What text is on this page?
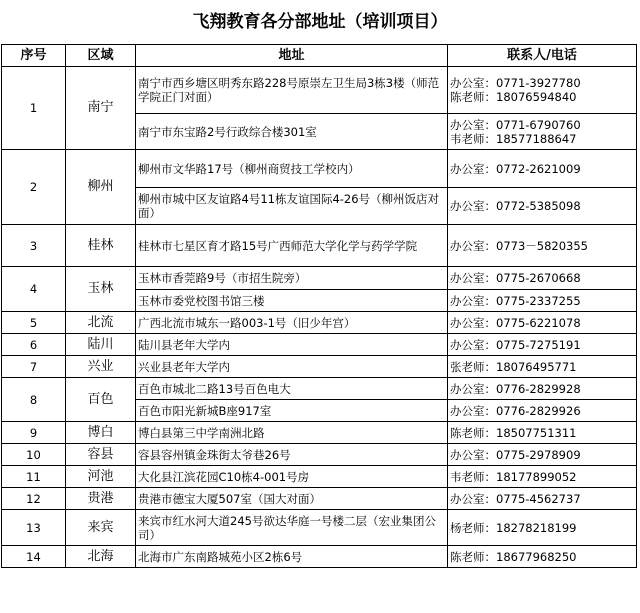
飞翔教育各分部地址（培训项目）
序号	区域	地址	联系人/电话
1	南宁	南宁市西乡塘区明秀东路228号原崇左卫生局3栋3楼（师范学院正门对面）	办公室：0771-3927780
陈老师：18076594840

		南宁市东宝路2号行政综合楼301室	办公室：0771-6790760
韦老师：18577188647

2	柳州	柳州市文华路17号（柳州商贸技工学校内）	办公室：0772-2621009

		柳州市城中区友谊路4号11栋友谊国际4-26号（柳州饭店对面）	办公室：0772-5385098

3	桂林	桂林市七星区育才路15号广西师范大学化学与药学学院	办公室：0773－5820355

4	玉林	玉林市香莞路9号（市招生院旁）	办公室：0775-2670668

		玉林市委党校图书馆三楼	办公室：0775-2337255

5	北流	广西北流市城东一路003-1号（旧少年宫）	办公室：0775-6221078

6	陆川	陆川县老年大学内	办公室：0775-7275191

7	兴业	兴业县老年大学内	张老师：18076495771

8	百色	百色市城北二路13号百色电大	办公室：0776-2829928

		百色市阳光新城B座917室	办公室：0776-2829926

9	博白	博白县第三中学南洲北路	陈老师：18507751311

10	容县	容县容州镇金珠街太爷巷26号	办公室：0775-2978909

11	河池	大化县江滨花园C10栋4-001号房	韦老师：18177899052

12	贵港	贵港市德宝大厦507室（国大对面）	办公室：0775-4562737

13	来宾	来宾市红水河大道245号欲达华庭一号楼二层（宏业集团公司）	杨老师：18278218199

14	北海	北海市广东南路城苑小区2栋6号	陈老师：18677968250
